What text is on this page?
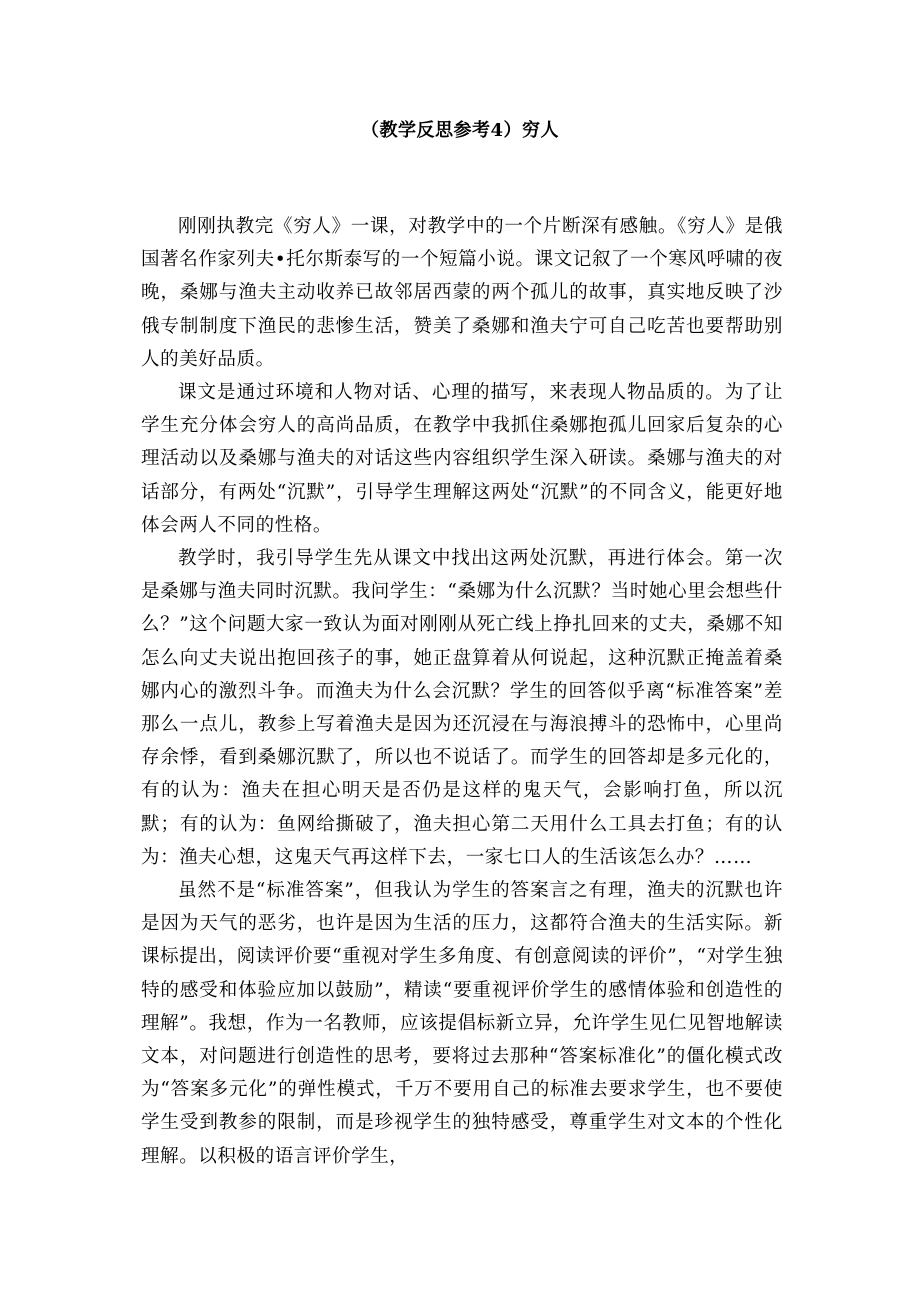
（教学反思参考4）穷人

刚刚执教完《穷人》一课，对教学中的一个片断深有感触。《穷人》是俄国著名作家列夫•托尔斯泰写的一个短篇小说。课文记叙了一个寒风呼啸的夜晚，桑娜与渔夫主动收养已故邻居西蒙的两个孤儿的故事，真实地反映了沙俄专制制度下渔民的悲惨生活，赞美了桑娜和渔夫宁可自己吃苦也要帮助别人的美好品质。

课文是通过环境和人物对话、心理的描写，来表现人物品质的。为了让学生充分体会穷人的高尚品质，在教学中我抓住桑娜抱孤儿回家后复杂的心理活动以及桑娜与渔夫的对话这些内容组织学生深入研读。桑娜与渔夫的对话部分，有两处“沉默”，引导学生理解这两处“沉默”的不同含义，能更好地体会两人不同的性格。

教学时，我引导学生先从课文中找出这两处沉默，再进行体会。第一次是桑娜与渔夫同时沉默。我问学生：“桑娜为什么沉默？当时她心里会想些什么？”这个问题大家一致认为面对刚刚从死亡线上挣扎回来的丈夫，桑娜不知怎么向丈夫说出抱回孩子的事，她正盘算着从何说起，这种沉默正掩盖着桑娜内心的激烈斗争。而渔夫为什么会沉默？学生的回答似乎离“标准答案”差那么一点儿，教参上写着渔夫是因为还沉浸在与海浪搏斗的恐怖中，心里尚存余悸，看到桑娜沉默了，所以也不说话了。而学生的回答却是多元化的，有的认为：渔夫在担心明天是否仍是这样的鬼天气，会影响打鱼，所以沉默；有的认为：鱼网给撕破了，渔夫担心第二天用什么工具去打鱼；有的认为：渔夫心想，这鬼天气再这样下去，一家七口人的生活该怎么办？……

虽然不是“标准答案”，但我认为学生的答案言之有理，渔夫的沉默也许是因为天气的恶劣，也许是因为生活的压力，这都符合渔夫的生活实际。新课标提出，阅读评价要“重视对学生多角度、有创意阅读的评价”，“对学生独特的感受和体验应加以鼓励”，精读“要重视评价学生的感情体验和创造性的理解”。我想，作为一名教师，应该提倡标新立异，允许学生见仁见智地解读文本，对问题进行创造性的思考，要将过去那种“答案标准化”的僵化模式改为“答案多元化”的弹性模式，千万不要用自己的标准去要求学生，也不要使学生受到教参的限制，而是珍视学生的独特感受，尊重学生对文本的个性化理解。以积极的语言评价学生，
